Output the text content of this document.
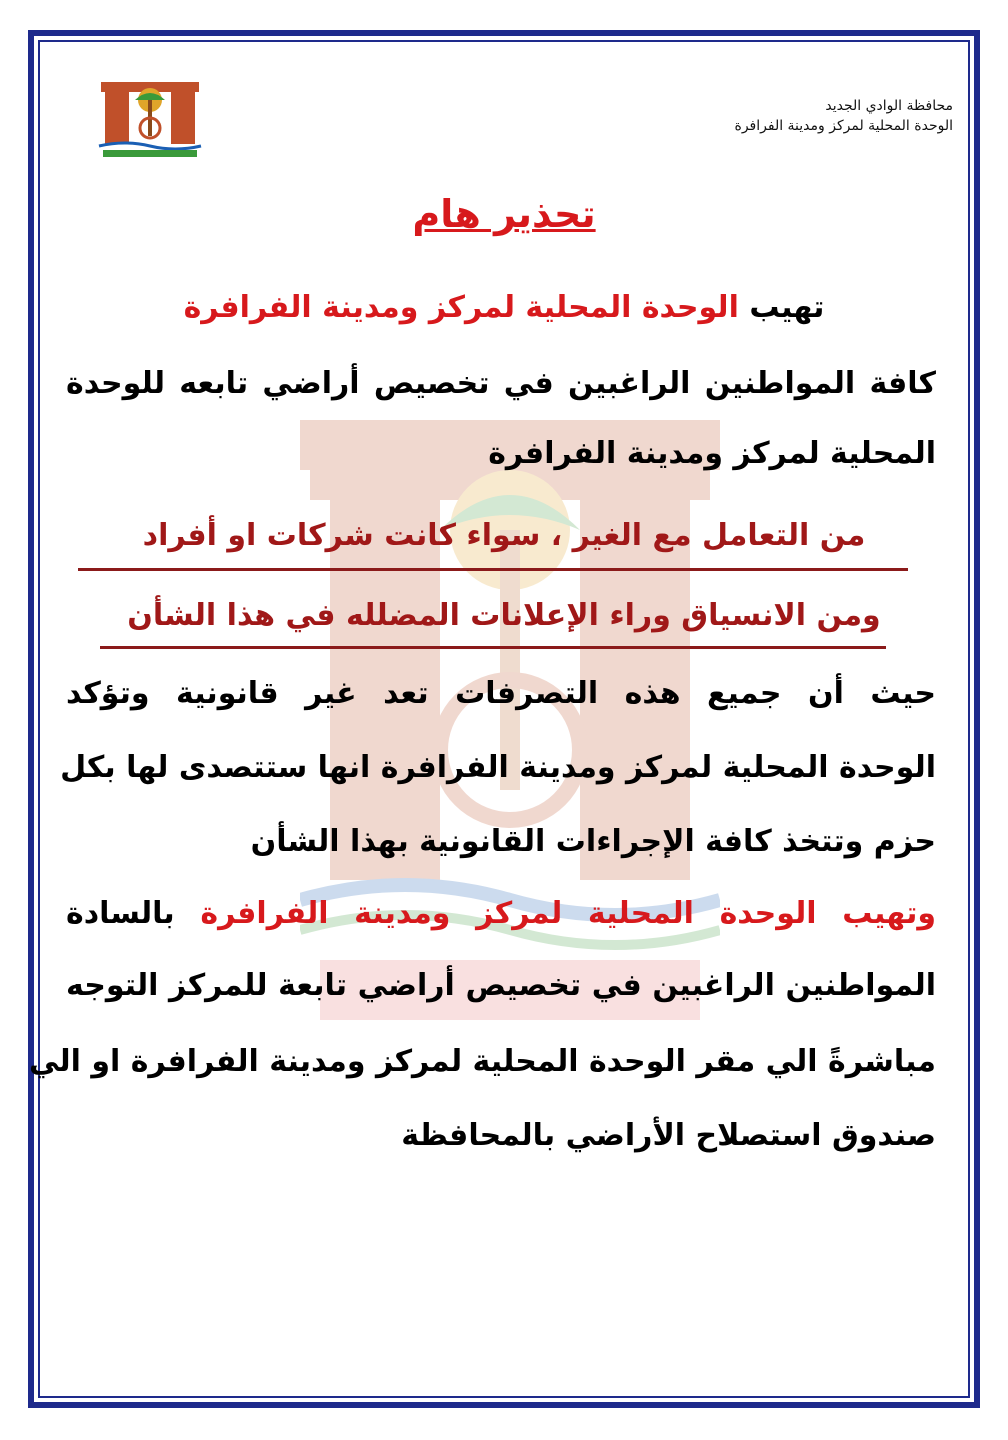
محافظة الوادي الجديد
الوحدة المحلية لمركز ومدينة الفرافرة
تحذير هام
تهيب الوحدة المحلية لمركز ومدينة الفرافرة
كافة المواطنين الراغبين في تخصيص أراضي تابعه للوحدة
المحلية لمركز ومدينة الفرافرة
من التعامل مع الغير ، سواء كانت شركات او أفراد
ومن الانسياق وراء الإعلانات المضلله في هذا الشأن
حيث أن جميع هذه التصرفات تعد غير قانونية وتؤكد
الوحدة المحلية لمركز ومدينة الفرافرة انها ستتصدى لها بكل
حزم وتتخذ كافة الإجراءات القانونية بهذا الشأن
وتهيب الوحدة المحلية لمركز ومدينة الفرافرة بالسادة
المواطنين الراغبين في تخصيص أراضي تابعة للمركز التوجه
مباشرةً الي مقر الوحدة المحلية لمركز ومدينة الفرافرة او الي
صندوق استصلاح الأراضي بالمحافظة
